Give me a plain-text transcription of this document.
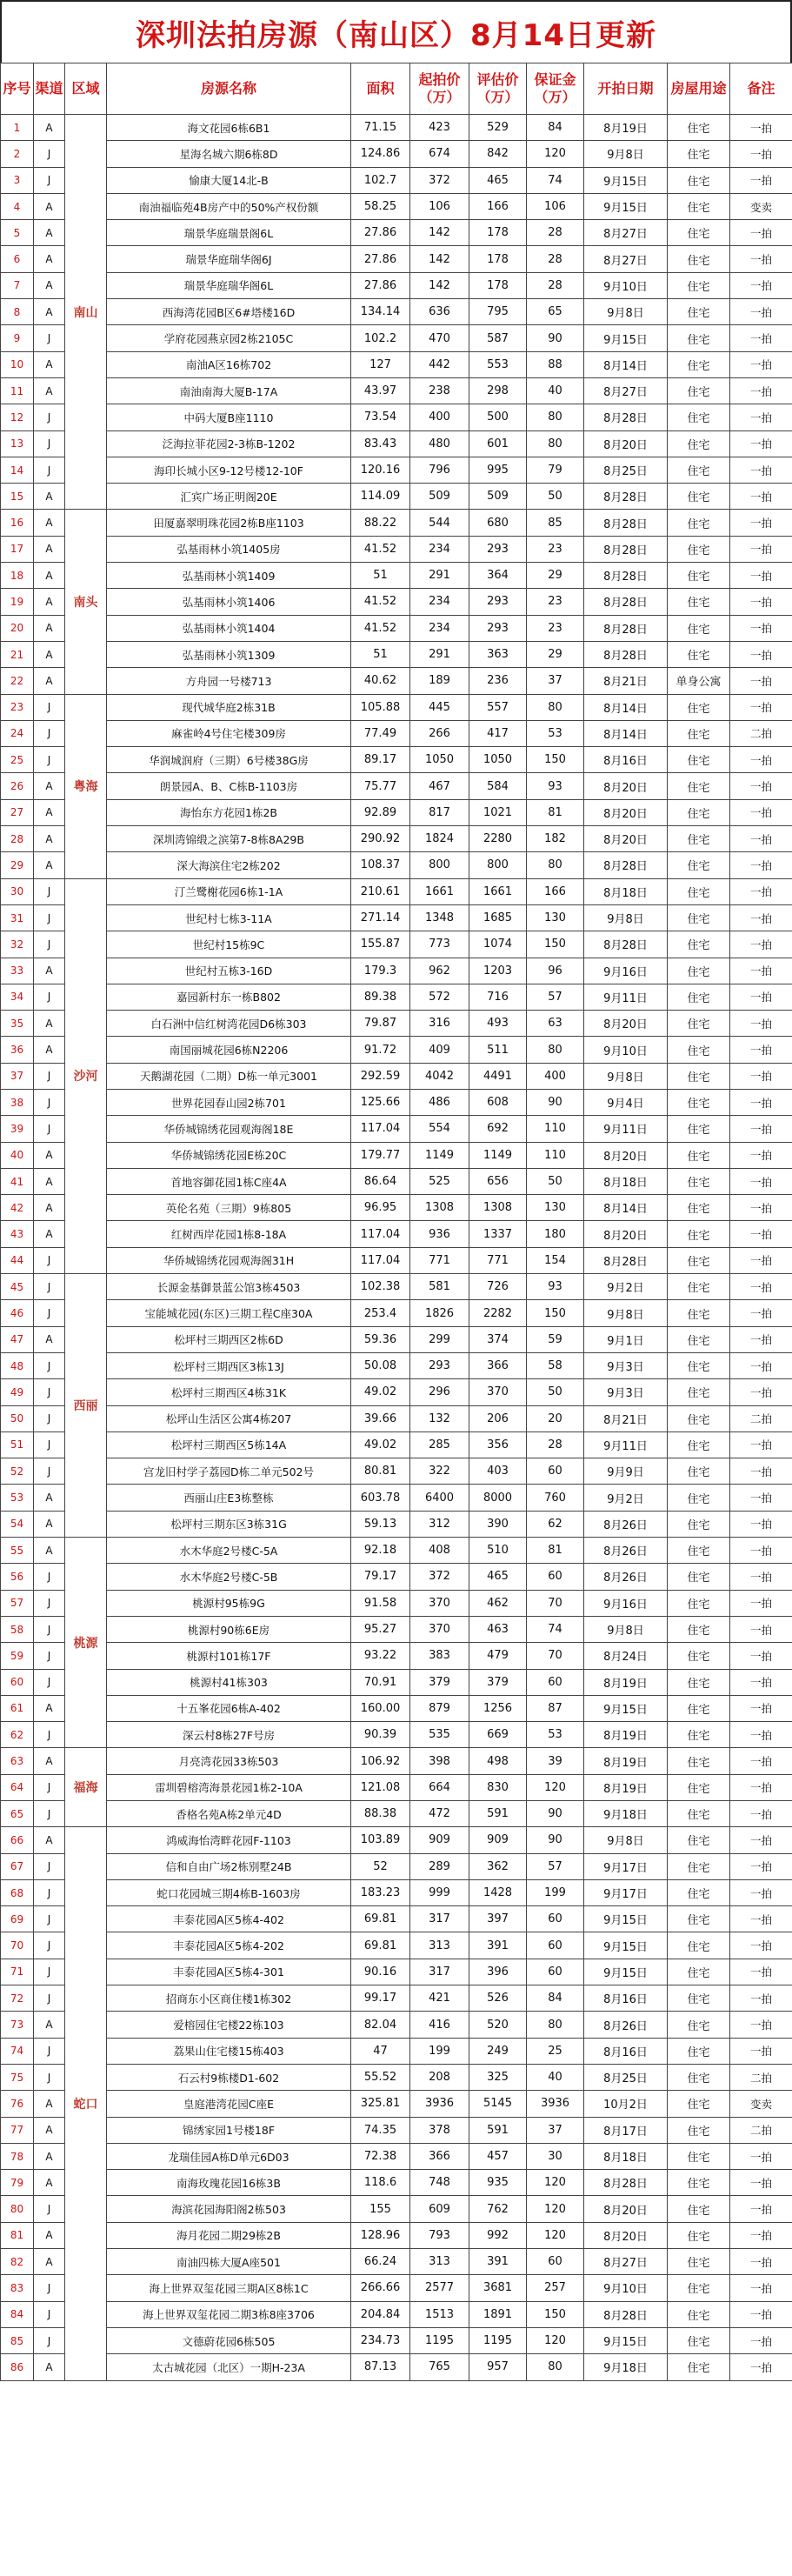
深圳法拍房源（南山区）8月14日更新
序号	渠道	区域	房源名称	面积	起拍价（万）	评估价（万）	保证金（万）	开拍日期	房屋用途	备注
1	A	南山	海文花园6栋6B1	71.15	423	529	84	8月19日	住宅	一拍
2	J		星海名城六期6栋8D	124.86	674	842	120	9月8日	住宅	一拍
3	J		愉康大厦14北-B	102.7	372	465	74	9月15日	住宅	一拍
4	A		南油福临苑4B房产中的50%产权份额	58.25	106	166	106	9月15日	住宅	变卖
5	A		瑞景华庭瑞景阁6L	27.86	142	178	28	8月27日	住宅	一拍
6	A		瑞景华庭瑞华阁6J	27.86	142	178	28	8月27日	住宅	一拍
7	A		瑞景华庭瑞华阁6L	27.86	142	178	28	9月10日	住宅	一拍
8	A		西海湾花园B区6#塔楼16D	134.14	636	795	65	9月8日	住宅	一拍
9	J		学府花园燕京园2栋2105C	102.2	470	587	90	9月15日	住宅	一拍
10	A		南油A区16栋702	127	442	553	88	8月14日	住宅	一拍
11	A		南油南海大厦B-17A	43.97	238	298	40	8月27日	住宅	一拍
12	J		中码大厦B座1110	73.54	400	500	80	8月28日	住宅	一拍
13	J		泛海拉菲花园2-3栋B-1202	83.43	480	601	80	8月20日	住宅	一拍
14	J		海印长城小区9-12号楼12-10F	120.16	796	995	79	8月25日	住宅	一拍
15	A		汇宾广场正明阁20E	114.09	509	509	50	8月28日	住宅	一拍
16	A	南头	田厦嘉翠明珠花园2栋B座1103	88.22	544	680	85	8月28日	住宅	一拍
17	A		弘基雨林小筑1405房	41.52	234	293	23	8月28日	住宅	一拍
18	A		弘基雨林小筑1409	51	291	364	29	8月28日	住宅	一拍
19	A		弘基雨林小筑1406	41.52	234	293	23	8月28日	住宅	一拍
20	A		弘基雨林小筑1404	41.52	234	293	23	8月28日	住宅	一拍
21	A		弘基雨林小筑1309	51	291	363	29	8月28日	住宅	一拍
22	A		方舟园一号楼713	40.62	189	236	37	8月21日	单身公寓	一拍
23	J	粤海	现代城华庭2栋31B	105.88	445	557	80	8月14日	住宅	一拍
24	J		麻雀岭4号住宅楼309房	77.49	266	417	53	8月14日	住宅	二拍
25	J		华润城润府（三期）6号楼38G房	89.17	1050	1050	150	8月16日	住宅	一拍
26	A		朗景园A、B、C栋B-1103房	75.77	467	584	93	8月20日	住宅	一拍
27	A		海怡东方花园1栋2B	92.89	817	1021	81	8月20日	住宅	一拍
28	A		深圳湾锦缎之滨第7-8栋8A29B	290.92	1824	2280	182	8月20日	住宅	一拍
29	A		深大海滨住宅2栋202	108.37	800	800	80	8月28日	住宅	一拍
30	J	沙河	汀兰鹭榭花园6栋1-1A	210.61	1661	1661	166	8月18日	住宅	一拍
31	J		世纪村七栋3-11A	271.14	1348	1685	130	9月8日	住宅	一拍
32	J		世纪村15栋9C	155.87	773	1074	150	8月28日	住宅	一拍
33	A		世纪村五栋3-16D	179.3	962	1203	96	9月16日	住宅	一拍
34	J		嘉园新村东一栋B802	89.38	572	716	57	9月11日	住宅	一拍
35	A		白石洲中信红树湾花园D6栋303	79.87	316	493	63	8月20日	住宅	一拍
36	A		南国丽城花园6栋N2206	91.72	409	511	80	9月10日	住宅	一拍
37	J		天鹅湖花园（二期）D栋一单元3001	292.59	4042	4491	400	9月8日	住宅	一拍
38	J		世界花园春山园2栋701	125.66	486	608	90	9月4日	住宅	一拍
39	J		华侨城锦绣花园观海阁18E	117.04	554	692	110	9月11日	住宅	一拍
40	A		华侨城锦绣花园E栋20C	179.77	1149	1149	110	8月20日	住宅	一拍
41	A		首地容御花园1栋C座4A	86.64	525	656	50	8月18日	住宅	一拍
42	A		英伦名苑（三期）9栋805	96.95	1308	1308	130	8月14日	住宅	一拍
43	A		红树西岸花园1栋8-18A	117.04	936	1337	180	8月20日	住宅	一拍
44	J		华侨城锦绣花园观海阁31H	117.04	771	771	154	8月28日	住宅	一拍
45	J	西丽	长源金基御景蓝公馆3栋4503	102.38	581	726	93	9月2日	住宅	一拍
46	J		宝能城花园(东区)三期工程C座30A	253.4	1826	2282	150	9月8日	住宅	一拍
47	A		松坪村三期西区2栋6D	59.36	299	374	59	9月1日	住宅	一拍
48	J		松坪村三期西区3栋13J	50.08	293	366	58	9月3日	住宅	一拍
49	J		松坪村三期西区4栋31K	49.02	296	370	50	9月3日	住宅	一拍
50	J		松坪山生活区公寓4栋207	39.66	132	206	20	8月21日	住宅	二拍
51	J		松坪村三期西区5栋14A	49.02	285	356	28	9月11日	住宅	一拍
52	J		宫龙旧村学子荔园D栋二单元502号	80.81	322	403	60	9月9日	住宅	一拍
53	A		西丽山庄E3栋整栋	603.78	6400	8000	760	9月2日	住宅	一拍
54	A		松坪村三期东区3栋31G	59.13	312	390	62	8月26日	住宅	一拍
55	A	桃源	水木华庭2号楼C-5A	92.18	408	510	81	8月26日	住宅	一拍
56	J		水木华庭2号楼C-5B	79.17	372	465	60	8月26日	住宅	一拍
57	J		桃源村95栋9G	91.58	370	462	70	9月16日	住宅	一拍
58	J		桃源村90栋6E房	95.27	370	463	74	9月8日	住宅	一拍
59	J		桃源村101栋17F	93.22	383	479	70	8月24日	住宅	一拍
60	J		桃源村41栋303	70.91	379	379	60	8月19日	住宅	一拍
61	A		十五峯花园6栋A-402	160.00	879	1256	87	9月15日	住宅	一拍
62	J		深云村8栋27F号房	90.39	535	669	53	8月19日	住宅	一拍
63	A	福海	月亮湾花园33栋503	106.92	398	498	39	8月19日	住宅	一拍
64	J		雷圳碧榕湾海景花园1栋2-10A	121.08	664	830	120	8月19日	住宅	一拍
65	J		香格名苑A栋2单元4D	88.38	472	591	90	9月18日	住宅	一拍
66	A	蛇口	鸿威海怡湾畔花园F-1103	103.89	909	909	90	9月8日	住宅	一拍
67	J		信和自由广场2栋别墅24B	52	289	362	57	9月17日	住宅	一拍
68	J		蛇口花园城三期4栋B-1603房	183.23	999	1428	199	9月17日	住宅	一拍
69	J		丰泰花园A区5栋4-402	69.81	317	397	60	9月15日	住宅	一拍
70	J		丰泰花园A区5栋4-202	69.81	313	391	60	9月15日	住宅	一拍
71	J		丰泰花园A区5栋4-301	90.16	317	396	60	9月15日	住宅	一拍
72	J		招商东小区商住楼1栋302	99.17	421	526	84	8月16日	住宅	一拍
73	A		爱榕园住宅楼22栋103	82.04	416	520	80	8月26日	住宅	一拍
74	J		荔果山住宅楼15栋403	47	199	249	25	8月16日	住宅	一拍
75	J		石云村9栋楼D1-602	55.52	208	325	40	8月25日	住宅	二拍
76	A		皇庭港湾花园C座E	325.81	3936	5145	3936	10月2日	住宅	变卖
77	A		锦绣家园1号楼18F	74.35	378	591	37	8月17日	住宅	二拍
78	A		龙瑞佳园A栋D单元6D03	72.38	366	457	30	8月18日	住宅	一拍
79	A		南海玫瑰花园16栋3B	118.6	748	935	120	8月28日	住宅	一拍
80	J		海滨花园海阳阁2栋503	155	609	762	120	8月20日	住宅	一拍
81	A		海月花园二期29栋2B	128.96	793	992	120	8月20日	住宅	一拍
82	A		南油四栋大厦A座501	66.24	313	391	60	8月27日	住宅	一拍
83	J		海上世界双玺花园三期A区8栋1C	266.66	2577	3681	257	9月10日	住宅	一拍
84	J		海上世界双玺花园二期3栋8座3706	204.84	1513	1891	150	8月28日	住宅	一拍
85	J		文德蔚花园6栋505	234.73	1195	1195	120	9月15日	住宅	一拍
86	A		太古城花园（北区）一期H-23A	87.13	765	957	80	9月18日	住宅	一拍
